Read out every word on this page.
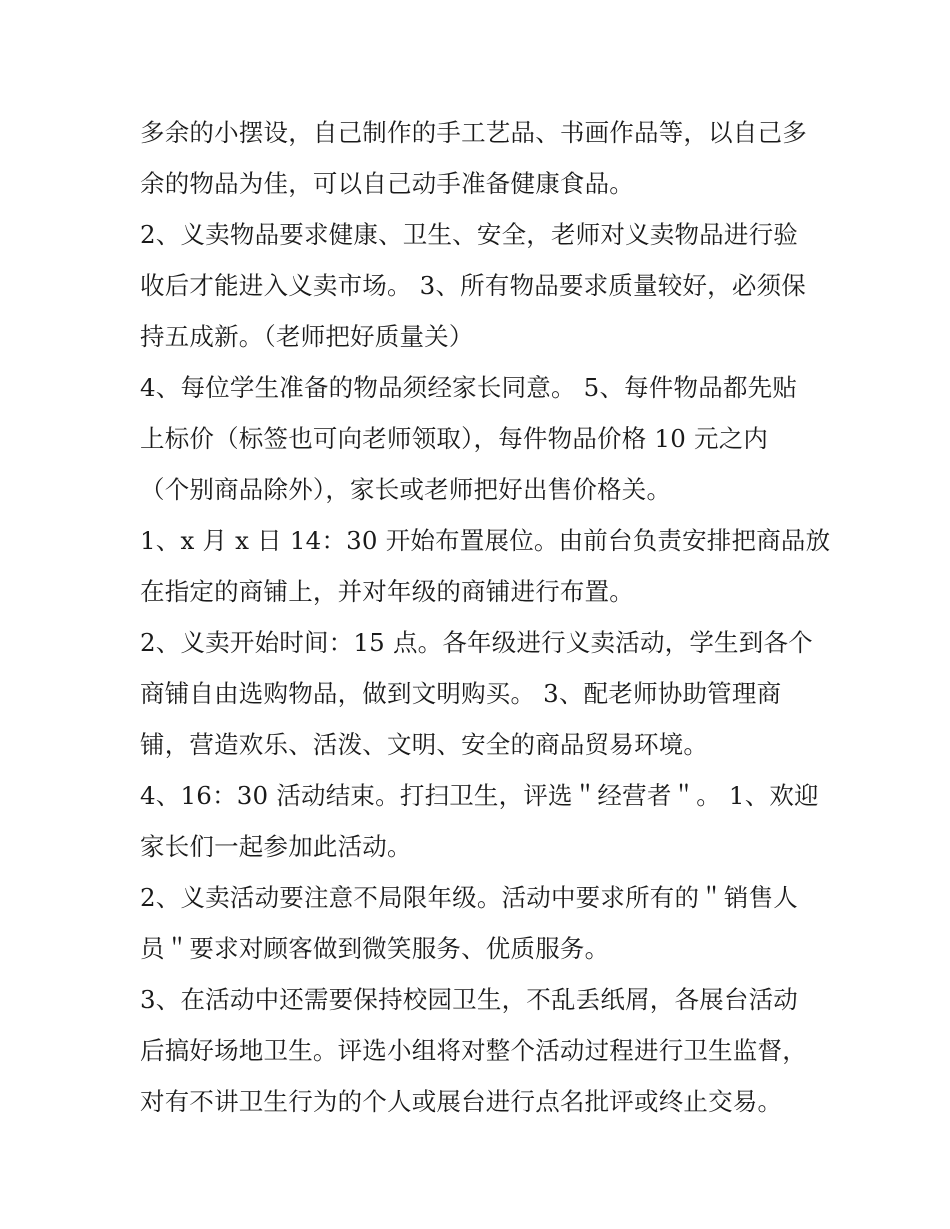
多余的小摆设，自己制作的手工艺品、书画作品等，以自己多
余的物品为佳，可以自己动手准备健康食品。
2、义卖物品要求健康、卫生、安全，老师对义卖物品进行验
收后才能进入义卖市场。 3、所有物品要求质量较好，必须保
持五成新。（老师把好质量关）
4、每位学生准备的物品须经家长同意。 5、每件物品都先贴
上标价（标签也可向老师领取），每件物品价格 10 元之内
（个别商品除外），家长或老师把好出售价格关。
1、x 月 x 日 14：30 开始布置展位。由前台负责安排把商品放
在指定的商铺上，并对年级的商铺进行布置。
2、义卖开始时间：15 点。各年级进行义卖活动，学生到各个
商铺自由选购物品，做到文明购买。 3、配老师协助管理商
铺，营造欢乐、活泼、文明、安全的商品贸易环境。
4、16：30 活动结束。打扫卫生，评选＂经营者＂。 1、欢迎
家长们一起参加此活动。
2、义卖活动要注意不局限年级。活动中要求所有的＂销售人
员＂要求对顾客做到微笑服务、优质服务。
3、在活动中还需要保持校园卫生，不乱丢纸屑，各展台活动
后搞好场地卫生。评选小组将对整个活动过程进行卫生监督，
对有不讲卫生行为的个人或展台进行点名批评或终止交易。
